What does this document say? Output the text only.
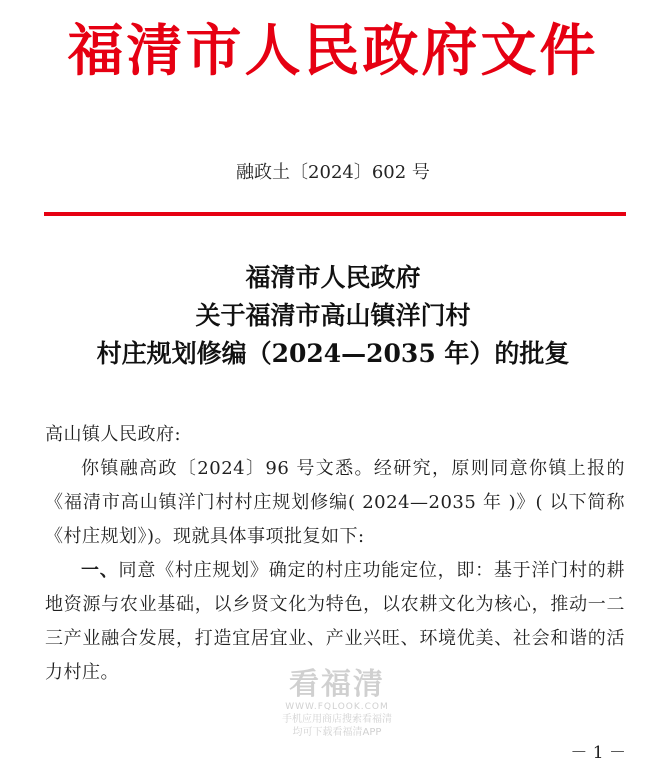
福清市人民政府文件
融政土〔2024〕602 号
福清市人民政府
关于福清市高山镇洋门村
村庄规划修编（2024—2035 年）的批复

高山镇人民政府:

你镇融高政〔2024〕96 号文悉。经研究，原则同意你镇上报的《福清市高山镇洋门村村庄规划修编( 2024—2035 年 )》( 以下简称《村庄规划》)。现就具体事项批复如下:

一、同意《村庄规划》确定的村庄功能定位，即：基于洋门村的耕地资源与农业基础，以乡贤文化为特色，以农耕文化为核心，推动一二三产业融合发展，打造宜居宜业、产业兴旺、环境优美、社会和谐的活力村庄。	看福清
WWW.FQLOOK.COM
手机应用商店搜索看福清
均可下载看福清APP
－ 1 －
